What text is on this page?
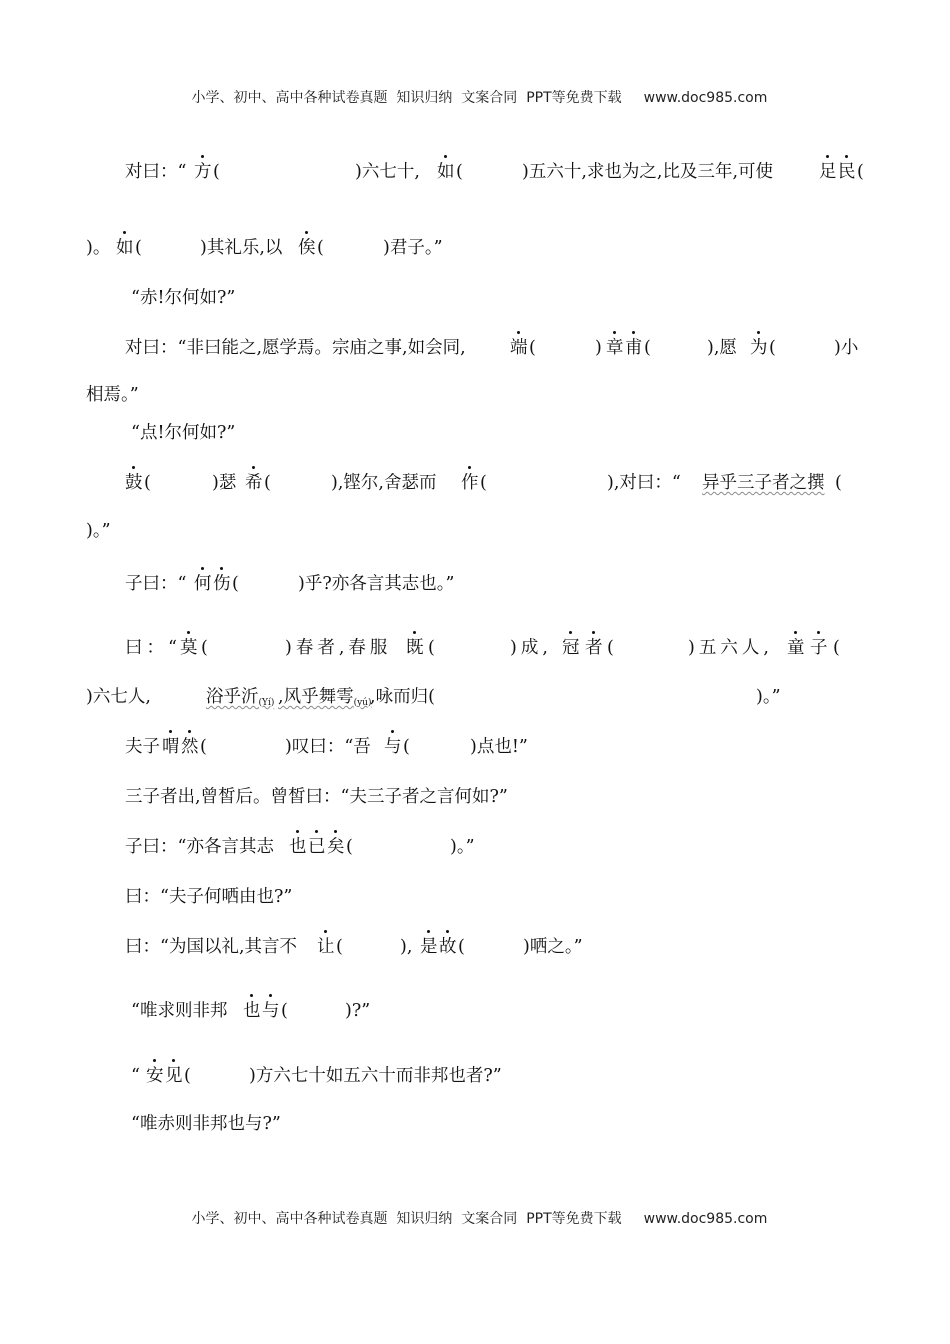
小学、初中、高中各种试卷真题  知识归纳  文案合同  PPT等免费下载 www.doc985.com

对曰：“ 方 (	)六七十, 如 (	)五六十,求也为之,比及三年,可使	足 民 (
)。 如 (	)其礼乐,以 俟 (	)君子。”
“赤!尔何如?”
对曰：“非曰能之,愿学焉。宗庙之事,如会同,	端 (	) 章 甫 (	),愿 为 (	)小
相焉。”
“点!尔何如?”
鼓 (	)瑟 希 (	),铿尔,舍瑟而 作 (	),对曰：“ 异乎三子者之撰 (
)。”
子曰：“ 何 伤 (	)乎?亦各言其志也。”
曰：“ 莫 (	)春者,春服 既 (	)成, 冠 者 (	)五六人, 童 子 (
)六七人,	浴乎沂(Yí) ,风乎舞雩(yú)
,咏而归(	)。”
夫子 喟 然 (	)叹曰：“吾 与 (	)点也!”
三子者出,曾皙后。曾皙曰：“夫三子者之言何如?”
子曰：“亦各言其志 也 已 矣 (	)。”
曰：“夫子何哂由也?”
曰：“为国以礼,其言不 让 (	), 是 故 (	)哂之。”
“唯求则非邦 也 与 (	)?”
“ 安 见 (	)方六七十如五六十而非邦也者?”
“唯赤则非邦也与?”

小学、初中、高中各种试卷真题  知识归纳  文案合同  PPT等免费下载 www.doc985.com
